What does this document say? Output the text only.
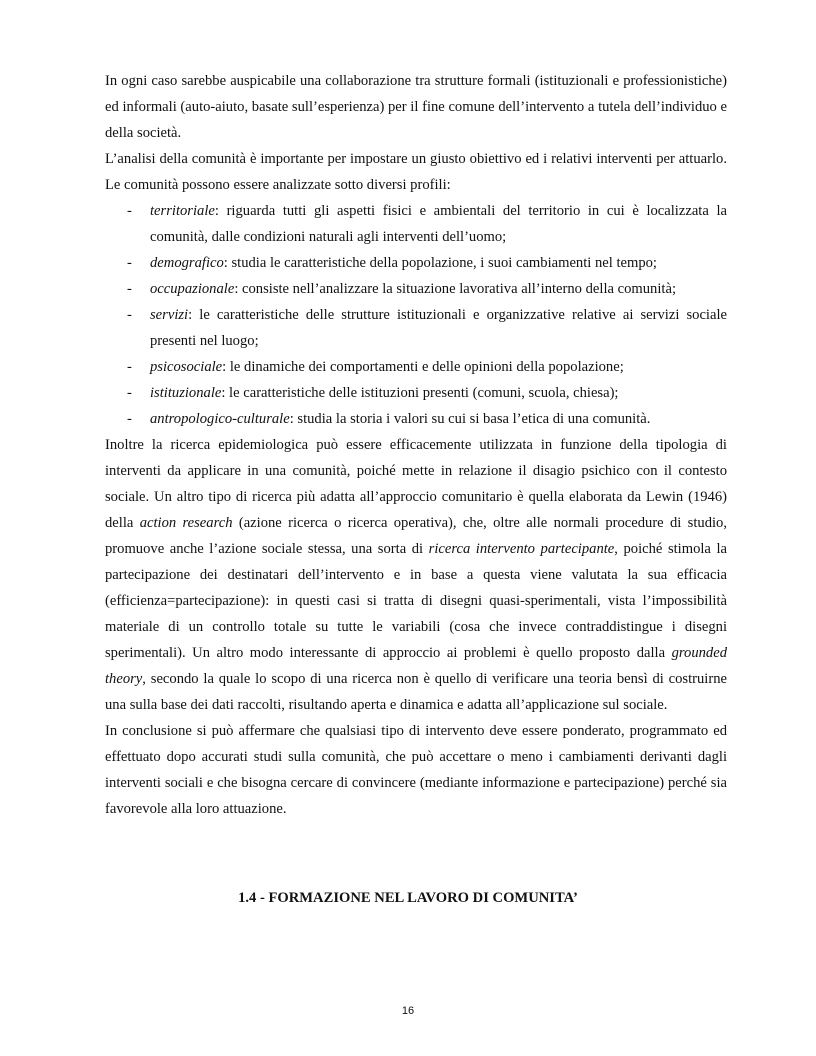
In ogni caso sarebbe auspicabile una collaborazione tra strutture formali (istituzionali e professionistiche) ed informali (auto-aiuto, basate sull’esperienza) per il fine comune dell’intervento a tutela dell’individuo e della società.

L’analisi della comunità è importante per impostare un giusto obiettivo ed i relativi interventi per attuarlo. Le comunità possono essere analizzate sotto diversi profili:

- territoriale: riguarda tutti gli aspetti fisici e ambientali del territorio in cui è localizzata la comunità, dalle condizioni naturali agli interventi dell’uomo;
- demografico: studia le caratteristiche della popolazione, i suoi cambiamenti nel tempo;
- occupazionale: consiste nell’analizzare la situazione lavorativa all’interno della comunità;
- servizi: le caratteristiche delle strutture istituzionali e organizzative relative ai servizi sociale presenti nel luogo;
- psicosociale: le dinamiche dei comportamenti e delle opinioni della popolazione;
- istituzionale: le caratteristiche delle istituzioni presenti (comuni, scuola, chiesa);
- antropologico-culturale: studia la storia i valori su cui si basa l’etica di una comunità.

Inoltre la ricerca epidemiologica può essere efficacemente utilizzata in funzione della tipologia di interventi da applicare in una comunità, poiché mette in relazione il disagio psichico con il contesto sociale. Un altro tipo di ricerca più adatta all’approccio comunitario è quella elaborata da Lewin (1946) della action research (azione ricerca o ricerca operativa), che, oltre alle normali procedure di studio, promuove anche l’azione sociale stessa, una sorta di ricerca intervento partecipante, poiché stimola la partecipazione dei destinatari dell’intervento e in base a questa viene valutata la sua efficacia (efficienza=partecipazione): in questi casi si tratta di disegni quasi-sperimentali, vista l’impossibilità materiale di un controllo totale su tutte le variabili (cosa che invece contraddistingue i disegni sperimentali). Un altro modo interessante di approccio ai problemi è quello proposto dalla grounded theory, secondo la quale lo scopo di una ricerca non è quello di verificare una teoria bensì di costruirne una sulla base dei dati raccolti, risultando aperta e dinamica e adatta all’applicazione sul sociale.

In conclusione si può affermare che qualsiasi tipo di intervento deve essere ponderato, programmato ed effettuato dopo accurati studi sulla comunità, che può accettare o meno i cambiamenti derivanti dagli interventi sociali e che bisogna cercare di convincere (mediante informazione e partecipazione) perché sia favorevole alla loro attuazione.

1.4 - FORMAZIONE NEL LAVORO DI COMUNITA’
16
